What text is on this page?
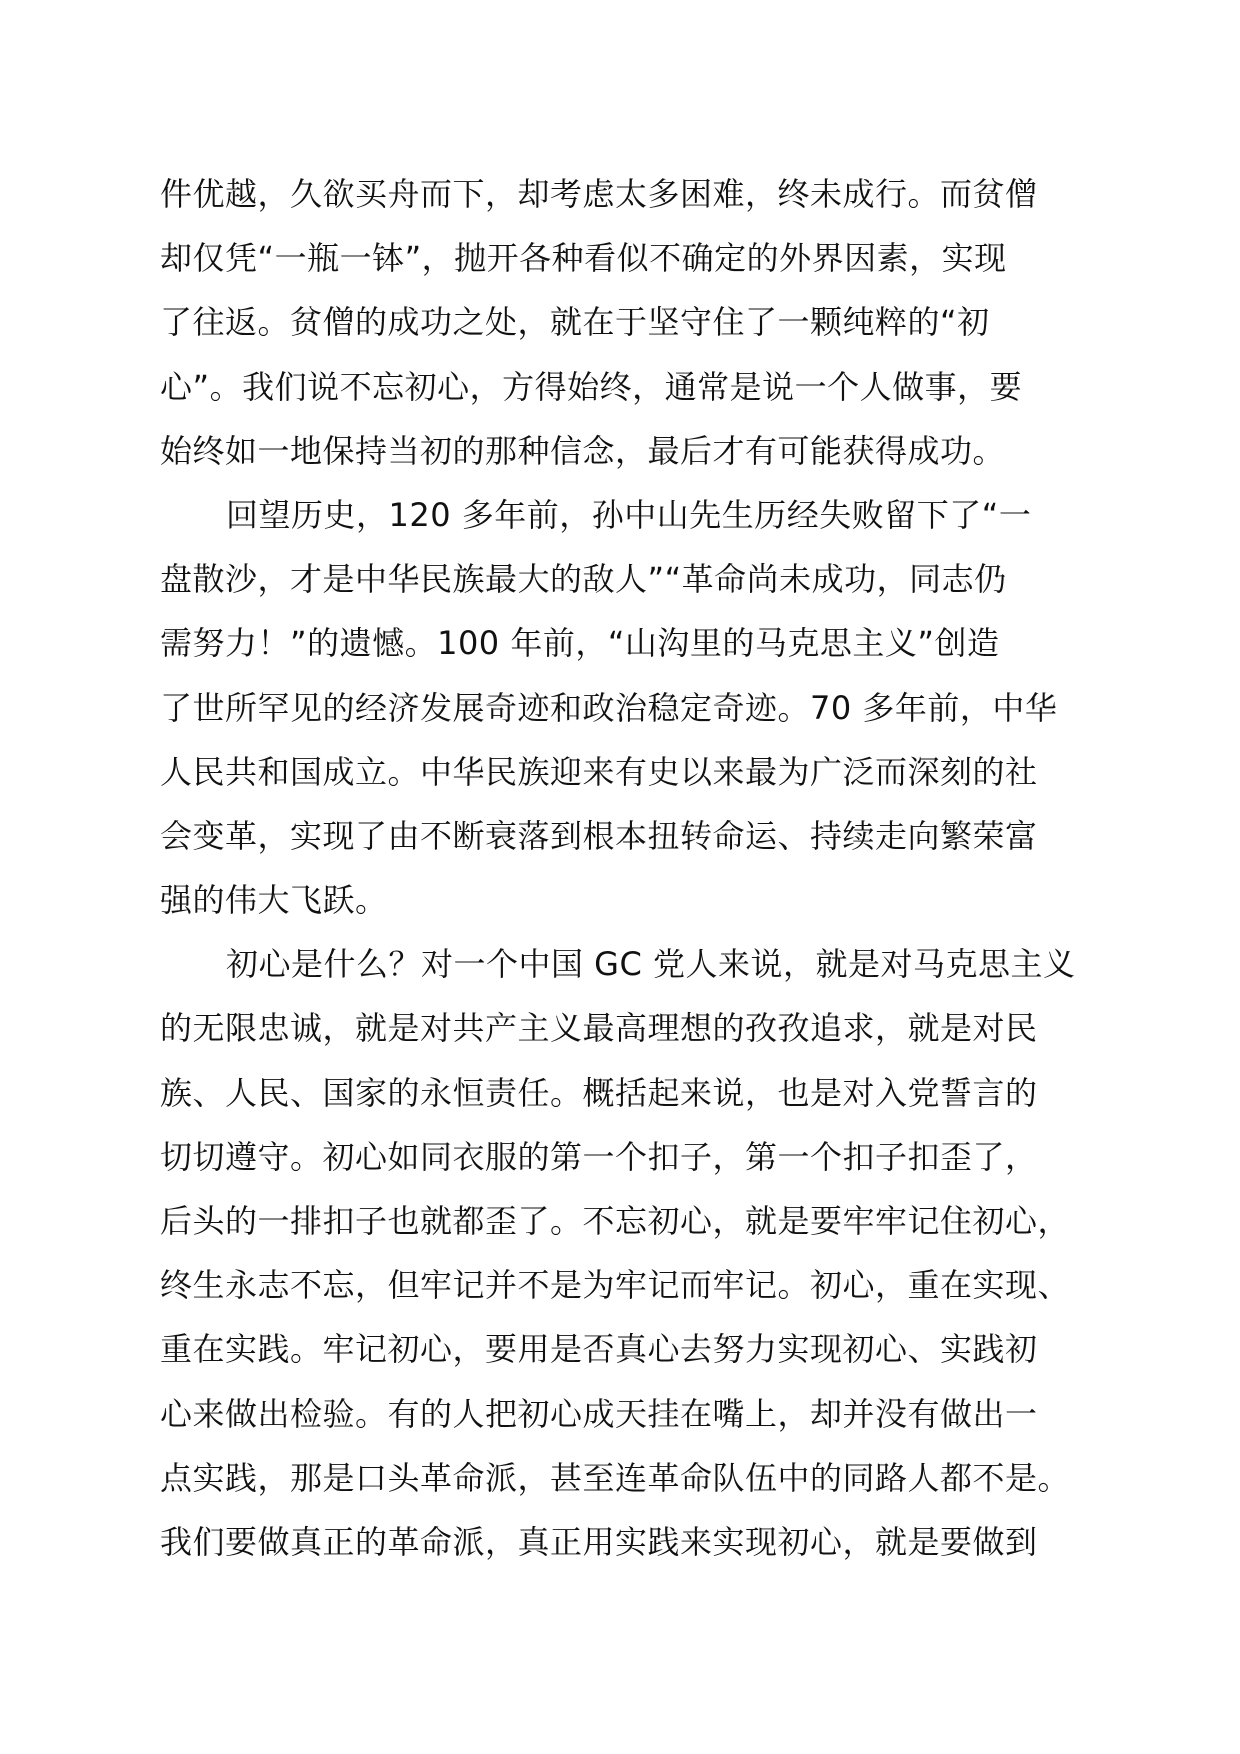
件优越，久欲买舟而下，却考虑太多困难，终未成行。而贫僧
却仅凭“一瓶一钵”，抛开各种看似不确定的外界因素，实现
了往返。贫僧的成功之处，就在于坚守住了一颗纯粹的“初
心”。我们说不忘初心，方得始终，通常是说一个人做事，要
始终如一地保持当初的那种信念，最后才有可能获得成功。
回望历史，120 多年前，孙中山先生历经失败留下了“一
盘散沙，才是中华民族最大的敌人”“革命尚未成功，同志仍
需努力！”的遗憾。100 年前，“山沟里的马克思主义”创造
了世所罕见的经济发展奇迹和政治稳定奇迹。70 多年前，中华
人民共和国成立。中华民族迎来有史以来最为广泛而深刻的社
会变革，实现了由不断衰落到根本扭转命运、持续走向繁荣富
强的伟大飞跃。
初心是什么？对一个中国 GC 党人来说，就是对马克思主义
的无限忠诚，就是对共产主义最高理想的孜孜追求，就是对民
族、人民、国家的永恒责任。概括起来说，也是对入党誓言的
切切遵守。初心如同衣服的第一个扣子，第一个扣子扣歪了，
后头的一排扣子也就都歪了。不忘初心，就是要牢牢记住初心，
终生永志不忘，但牢记并不是为牢记而牢记。初心，重在实现、
重在实践。牢记初心，要用是否真心去努力实现初心、实践初
心来做出检验。有的人把初心成天挂在嘴上，却并没有做出一
点实践，那是口头革命派，甚至连革命队伍中的同路人都不是。
我们要做真正的革命派，真正用实践来实现初心，就是要做到
